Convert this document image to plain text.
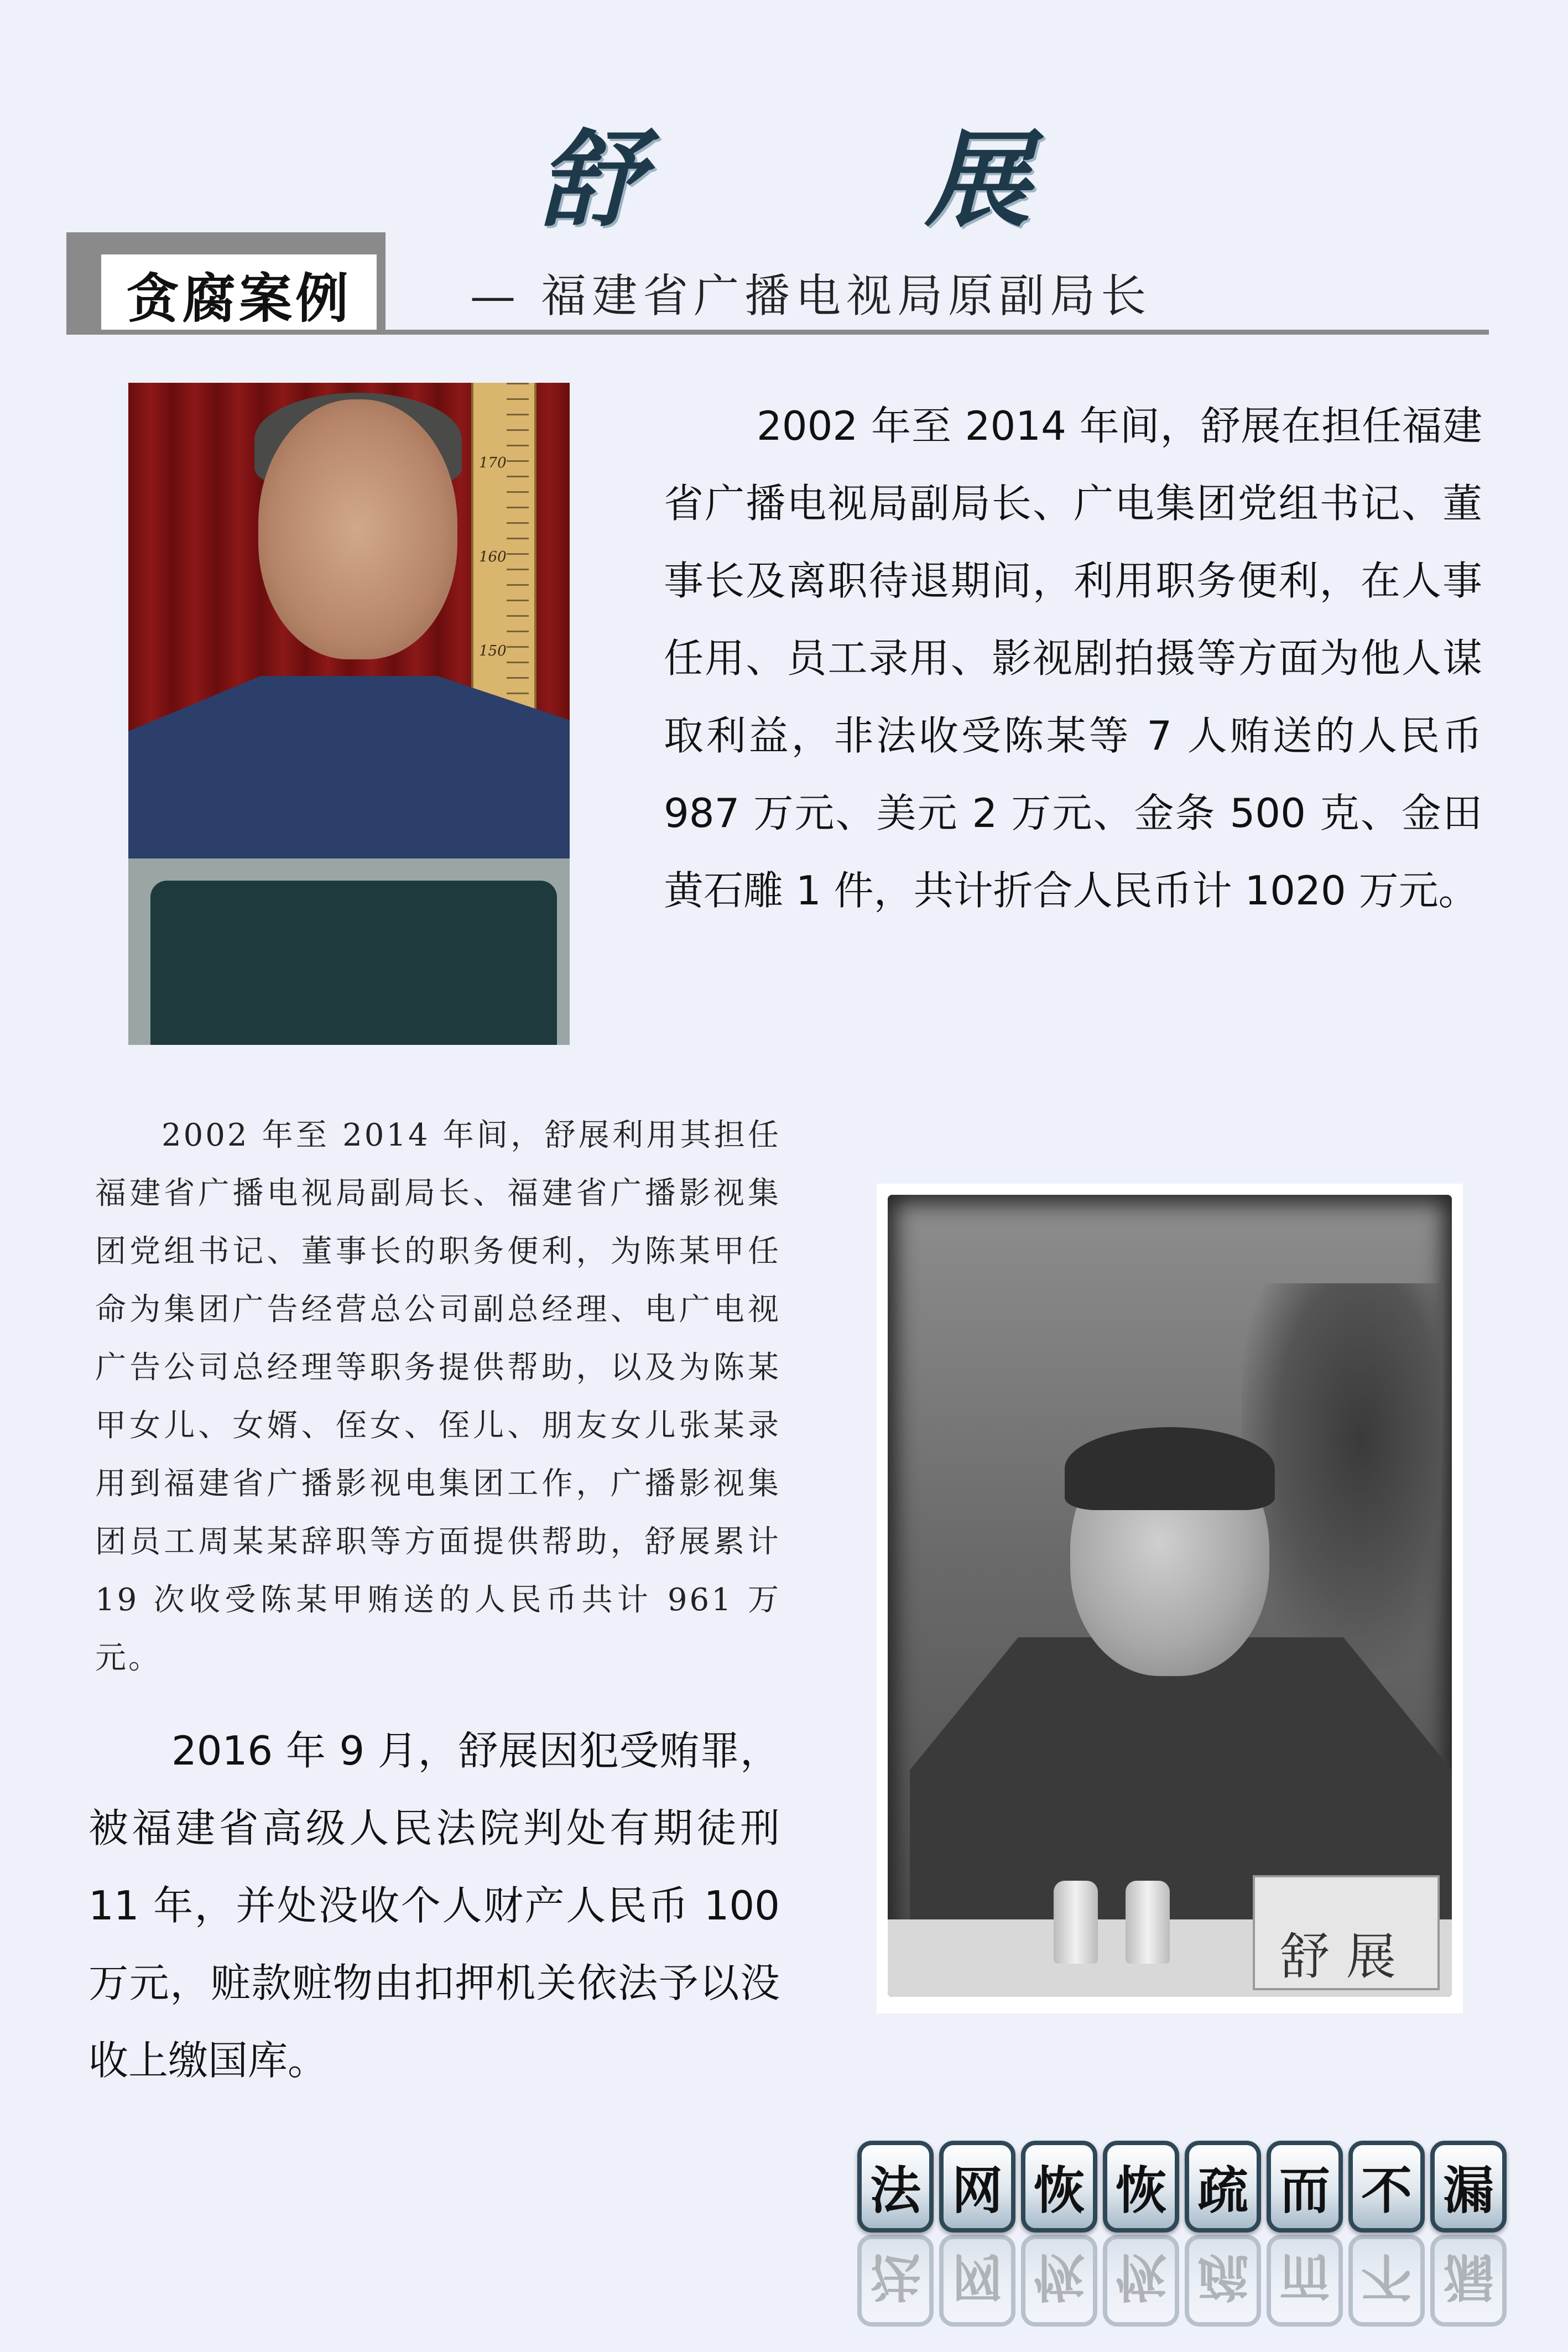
舒　展
贪腐案例	— 福建省广播电视局原副局长
170
160
150

2002 年至 2014 年间，舒展在担任福建省广播电视局副局长、广电集团党组书记、董事长及离职待退期间，利用职务便利，在人事任用、员工录用、影视剧拍摄等方面为他人谋取利益，非法收受陈某等 7 人贿送的人民币 987 万元、美元 2 万元、金条 500 克、金田黄石雕 1 件，共计折合人民币计 1020 万元。

2002 年至 2014 年间，舒展利用其担任福建省广播电视局副局长、福建省广播影视集团党组书记、董事长的职务便利，为陈某甲任命为集团广告经营总公司副总经理、电广电视广告公司总经理等职务提供帮助，以及为陈某甲女儿、女婿、侄女、侄儿、朋友女儿张某录用到福建省广播影视电集团工作，广播影视集团员工周某某辞职等方面提供帮助，舒展累计 19 次收受陈某甲贿送的人民币共计 961 万元。

2016 年 9 月，舒展因犯受贿罪，被福建省高级人民法院判处有期徒刑 11 年，并处没收个人财产人民币 100 万元，赃款赃物由扣押机关依法予以没收上缴国库。

舒展
法 网 恢 恢 疏 而 不 漏
法 网 恢 恢 疏 而 不 漏
